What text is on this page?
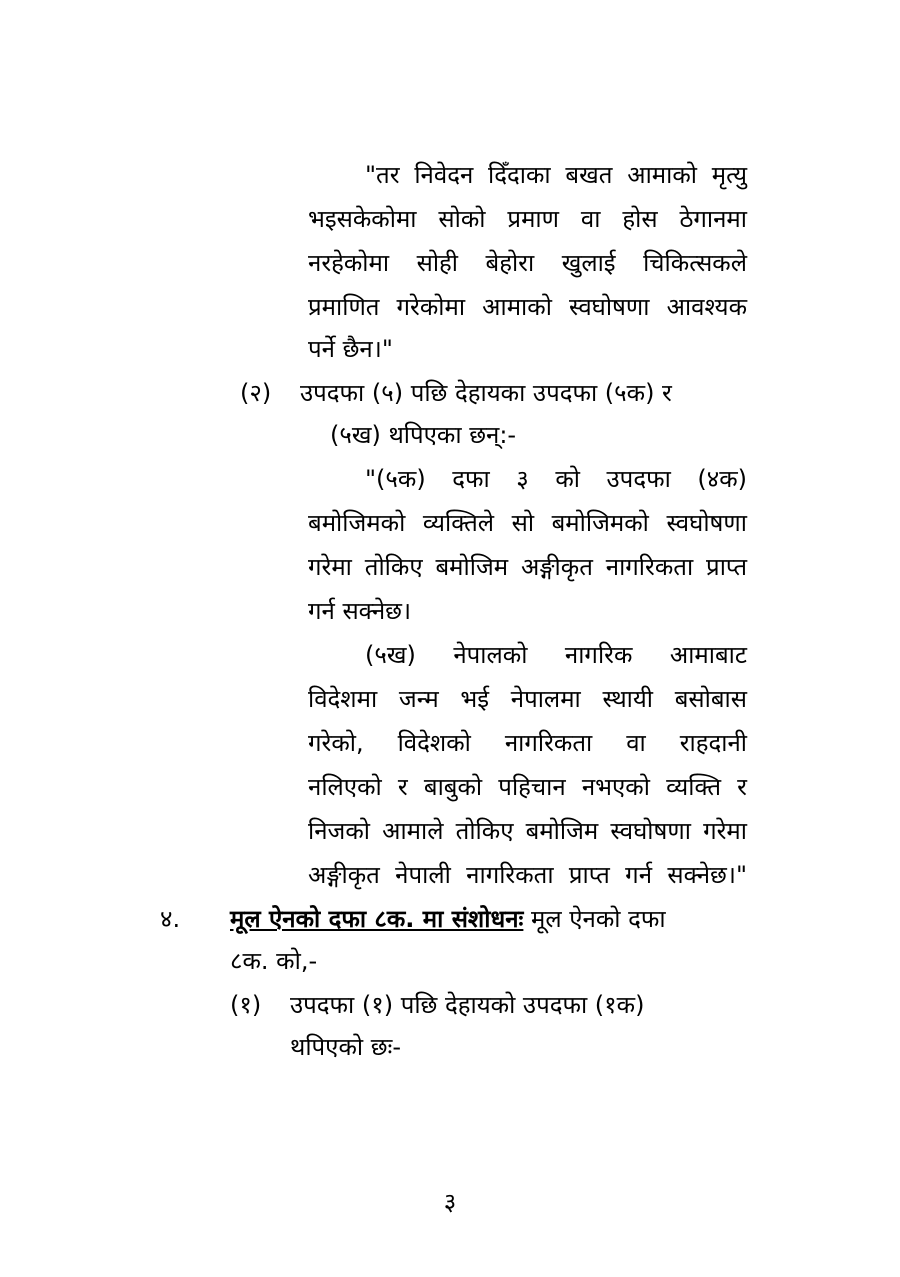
"तर निवेदन दिँदाका बखत आमाको मृत्यु
भइसकेकोमा सोको प्रमाण वा होस ठेगानमा
नरहेकोमा सोही बेहोरा खुलाई चिकित्सकले
प्रमाणित गरेकोमा आमाको स्वघोषणा आवश्यक
पर्ने छैन।"
(२) उपदफा (५) पछि देहायका उपदफा (५क) र
(५ख) थपिएका छन्:-
"(५क) दफा ३ को उपदफा (४क)
बमोजिमको व्यक्तिले सो बमोजिमको स्वघोषणा
गरेमा तोकिए बमोजिम अङ्गीकृत नागरिकता प्राप्त
गर्न सक्नेछ।
(५ख) नेपालको नागरिक आमाबाट
विदेशमा जन्म भई नेपालमा स्थायी बसोबास
गरेको, विदेशको नागरिकता वा राहदानी
नलिएको र बाबुको पहिचान नभएको व्यक्ति र
निजको आमाले तोकिए बमोजिम स्वघोषणा गरेमा
अङ्गीकृत नेपाली नागरिकता प्राप्त गर्न सक्नेछ।"
४. मूल ऐनको दफा ८क. मा संशोधनः मूल ऐनको दफा
८क. को,-
(१) उपदफा (१) पछि देहायको उपदफा (१क)
थपिएको छः-
३
